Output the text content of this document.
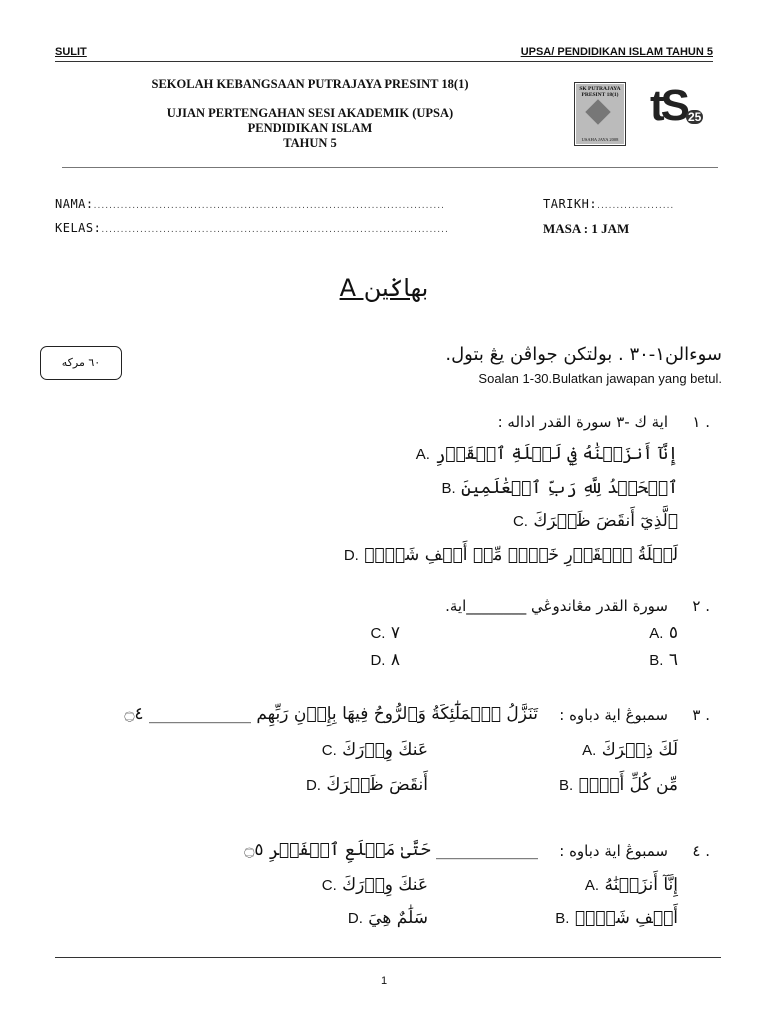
SULIT	UPSA/ PENDIDIKAN ISLAM TAHUN 5
SEKOLAH KEBANGSAAN PUTRAJAYA PRESINT 18(1)
UJIAN PERTENGAHAN SESI AKADEMIK (UPSA)
PENDIDIKAN ISLAM
TAHUN 5
SK PUTRAJAYA PRESINT 18(1)
USAHA JAYA 2008
tS 25
NAMA:...........................................................................................
KELAS:..........................................................................................
TARIKH:....................
MASA : 1 JAM
بهاݢين A
٦٠ مركه	سوءالن١-٣٠ . بولتكن جواڤن يڠ بتول.
Soalan 1-30.Bulatkan jawapan yang betul.
١ .
اية ك -٣ سورة القدر اداله :
A. إِنَّآ أَنزَلۡنَٰهُ فِي لَيۡلَةِ ٱلۡقَدۡرِ
B. ٱلۡحَمۡدُ لِلَّهِ رَبِّ ٱلۡعَٰلَمِينَ
C. ٱلَّذِيٓ أَنقَضَ ظَهۡرَكَ
D. لَيۡلَةُ ٱلۡقَدۡرِ خَيۡرٞ مِّنۡ أَلۡفِ شَهۡرٖ
٢ .
سورة القدر مڠاندوڠي ________اية.
A. ٥
B. ٦
C. ٧
D. ٨
٣ .
سمبوڠ اية دباوه :
تَنَزَّلُ ٱلۡمَلَٰٓئِكَةُ وَٱلرُّوحُ فِيهَا بِإِذۡنِ رَبِّهِم ____________ ۝٤
A. لَكَ ذِكۡرَكَ
B. مِّن كُلِّ أَمۡرٖ
C. عَنكَ وِزۡرَكَ
D. أَنقَضَ ظَهۡرَكَ
٤ .
سمبوڠ اية دباوه :
____________ حَتَّىٰ مَطۡلَعِ ٱلۡفَجۡرِ ۝٥
A. إِنَّآ أَنزَلۡنَٰهُ
B. أَلۡفِ شَهۡرٖ
C. عَنكَ وِزۡرَكَ
D. سَلَٰمٌ هِيَ
1
